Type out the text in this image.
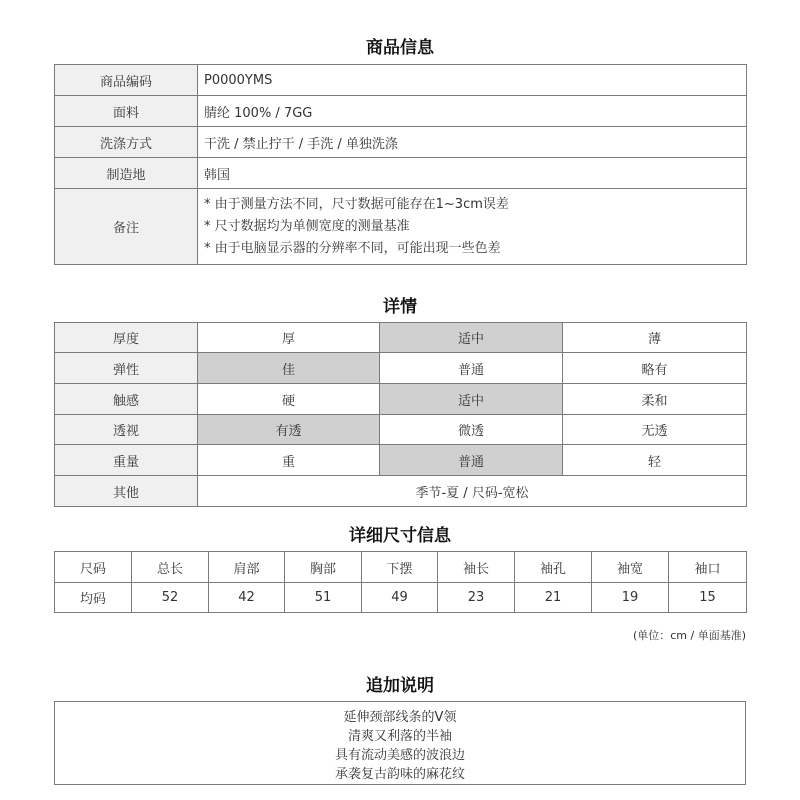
商品信息
商品编码	P0000YMS
面料	腈纶 100% / 7GG
洗涤方式	干洗 / 禁止拧干 / 手洗 / 单独洗涤
制造地	韩国
备注	* 由于测量方法不同，尺寸数据可能存在1~3cm误差
* 尺寸数据均为单侧宽度的测量基准
* 由于电脑显示器的分辨率不同，可能出现一些色差
详情
厚度	厚	适中	薄
弹性	佳	普通	略有
触感	硬	适中	柔和
透视	有透	微透	无透
重量	重	普通	轻
其他	季节-夏 / 尺码-宽松		
详细尺寸信息
尺码	总长	肩部	胸部	下摆	袖长	袖孔	袖宽	袖口
均码	52	42	51	49	23	21	19	15
(单位：cm / 单面基准)
追加说明
延伸颈部线条的V领
清爽又利落的半袖
具有流动美感的波浪边
承袭复古韵味的麻花纹
